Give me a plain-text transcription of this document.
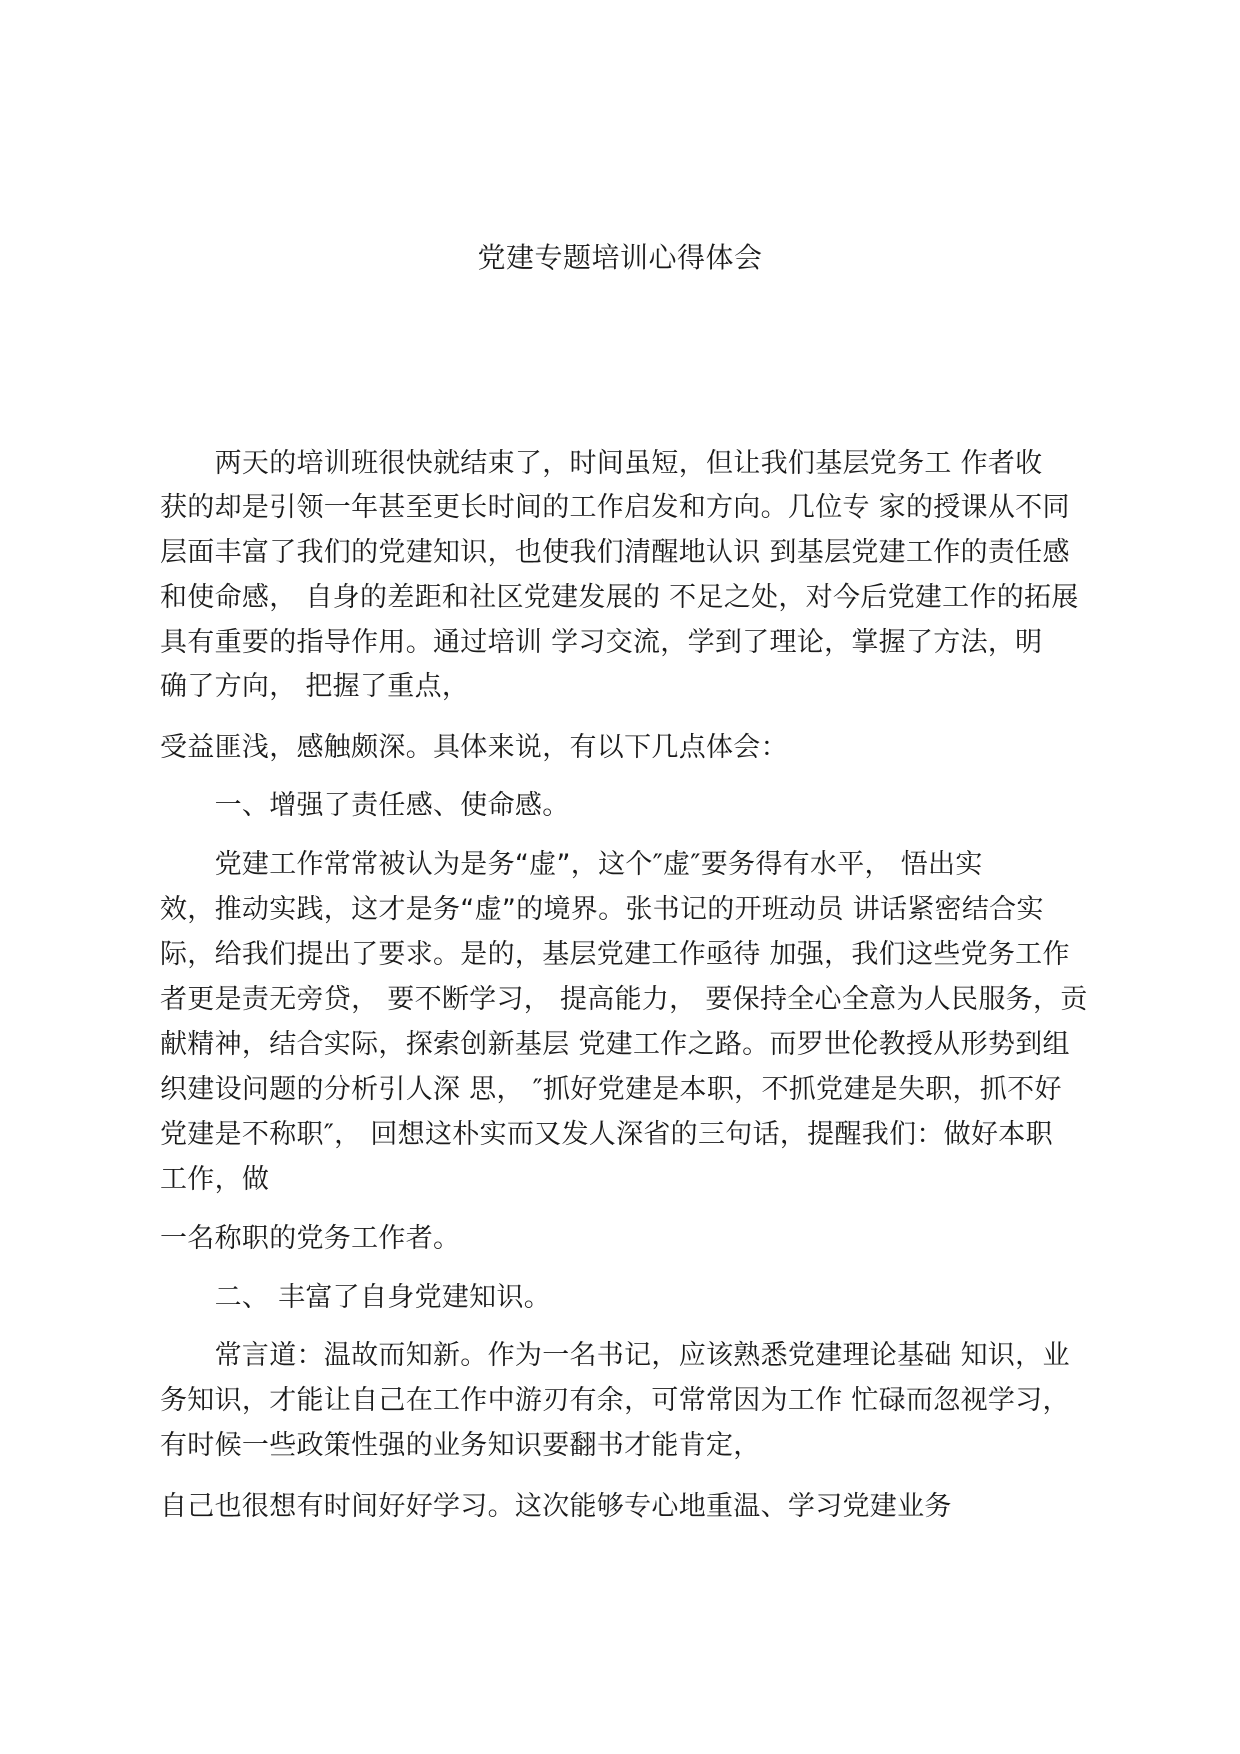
党建专题培训心得体会
　　两天的培训班很快就结束了，时间虽短，但让我们基层党务工 作者收
获的却是引领一年甚至更长时间的工作启发和方向。几位专 家的授课从不同
层面丰富了我们的党建知识，也使我们清醒地认识 到基层党建工作的责任感
和使命感， 自身的差距和社区党建发展的 不足之处，对今后党建工作的拓展
具有重要的指导作用。通过培训 学习交流，学到了理论，掌握了方法，明
确了方向， 把握了重点，
受益匪浅，感触颇深。具体来说，有以下几点体会：
　　一、增强了责任感、使命感。
　　党建工作常常被认为是务“虚”，这个″虚″要务得有水平， 悟出实
效，推动实践，这才是务“虚”的境界。张书记的开班动员 讲话紧密结合实
际，给我们提出了要求。是的，基层党建工作亟待 加强，我们这些党务工作
者更是责无旁贷， 要不断学习， 提高能力， 要保持全心全意为人民服务，贡
献精神，结合实际，探索创新基层 党建工作之路。而罗世伦教授从形势到组
织建设问题的分析引人深 思， ″抓好党建是本职，不抓党建是失职，抓不好
党建是不称职″， 回想这朴实而又发人深省的三句话，提醒我们：做好本职
工作，做
一名称职的党务工作者。
　　二、 丰富了自身党建知识。
　　常言道：温故而知新。作为一名书记，应该熟悉党建理论基础 知识，业
务知识，才能让自己在工作中游刃有余，可常常因为工作 忙碌而忽视学习，
有时候一些政策性强的业务知识要翻书才能肯定，
自己也很想有时间好好学习。这次能够专心地重温、学习党建业务
